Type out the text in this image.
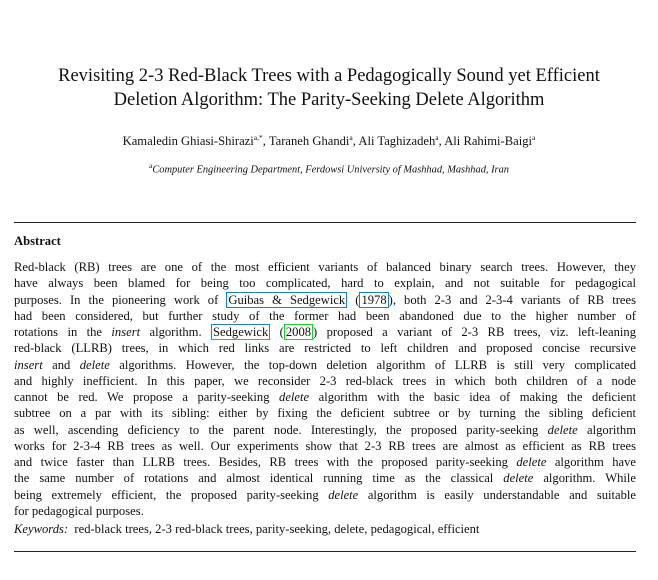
Revisiting 2-3 Red-Black Trees with a Pedagogically Sound yet Efficient
Deletion Algorithm: The Parity-Seeking Delete Algorithm
Kamaledin Ghiasi-Shirazi$^{a,*}$, Taraneh Ghandi$^a$, Ali Taghizadeh$^a$, Ali Rahimi-Baigi$^a$
$^a$Computer Engineering Department, Ferdowsi University of Mashhad, Mashhad, Iran
Abstract
Red-black (RB) trees are one of the most efficient variants of balanced binary search trees. However, they
have always been blamed for being too complicated, hard to explain, and not suitable for pedagogical
purposes. In the pioneering work of Guibas & Sedgewick ( 1978 ), both 2-3 and 2-3-4 variants of RB trees
had been considered, but further study of the former had been abandoned due to the higher number of
rotations in the insert algorithm. Sedgewick ( 2008 ) proposed a variant of 2-3 RB trees, viz. left-leaning
red-black (LLRB) trees, in which red links are restricted to left children and proposed concise recursive
insert and delete algorithms. However, the top-down deletion algorithm of LLRB is still very complicated
and highly inefficient. In this paper, we reconsider 2-3 red-black trees in which both children of a node
cannot be red. We propose a parity-seeking delete algorithm with the basic idea of making the deficient
subtree on a par with its sibling: either by fixing the deficient subtree or by turning the sibling deficient
as well, ascending deficiency to the parent node. Interestingly, the proposed parity-seeking delete algorithm
works for 2-3-4 RB trees as well. Our experiments show that 2-3 RB trees are almost as efficient as RB trees
and twice faster than LLRB trees. Besides, RB trees with the proposed parity-seeking delete algorithm have
the same number of rotations and almost identical running time as the classical delete algorithm. While
being extremely efficient, the proposed parity-seeking delete algorithm is easily understandable and suitable
for pedagogical purposes.
Keywords: red-black trees, 2-3 red-black trees, parity-seeking, delete, pedagogical, efficient
